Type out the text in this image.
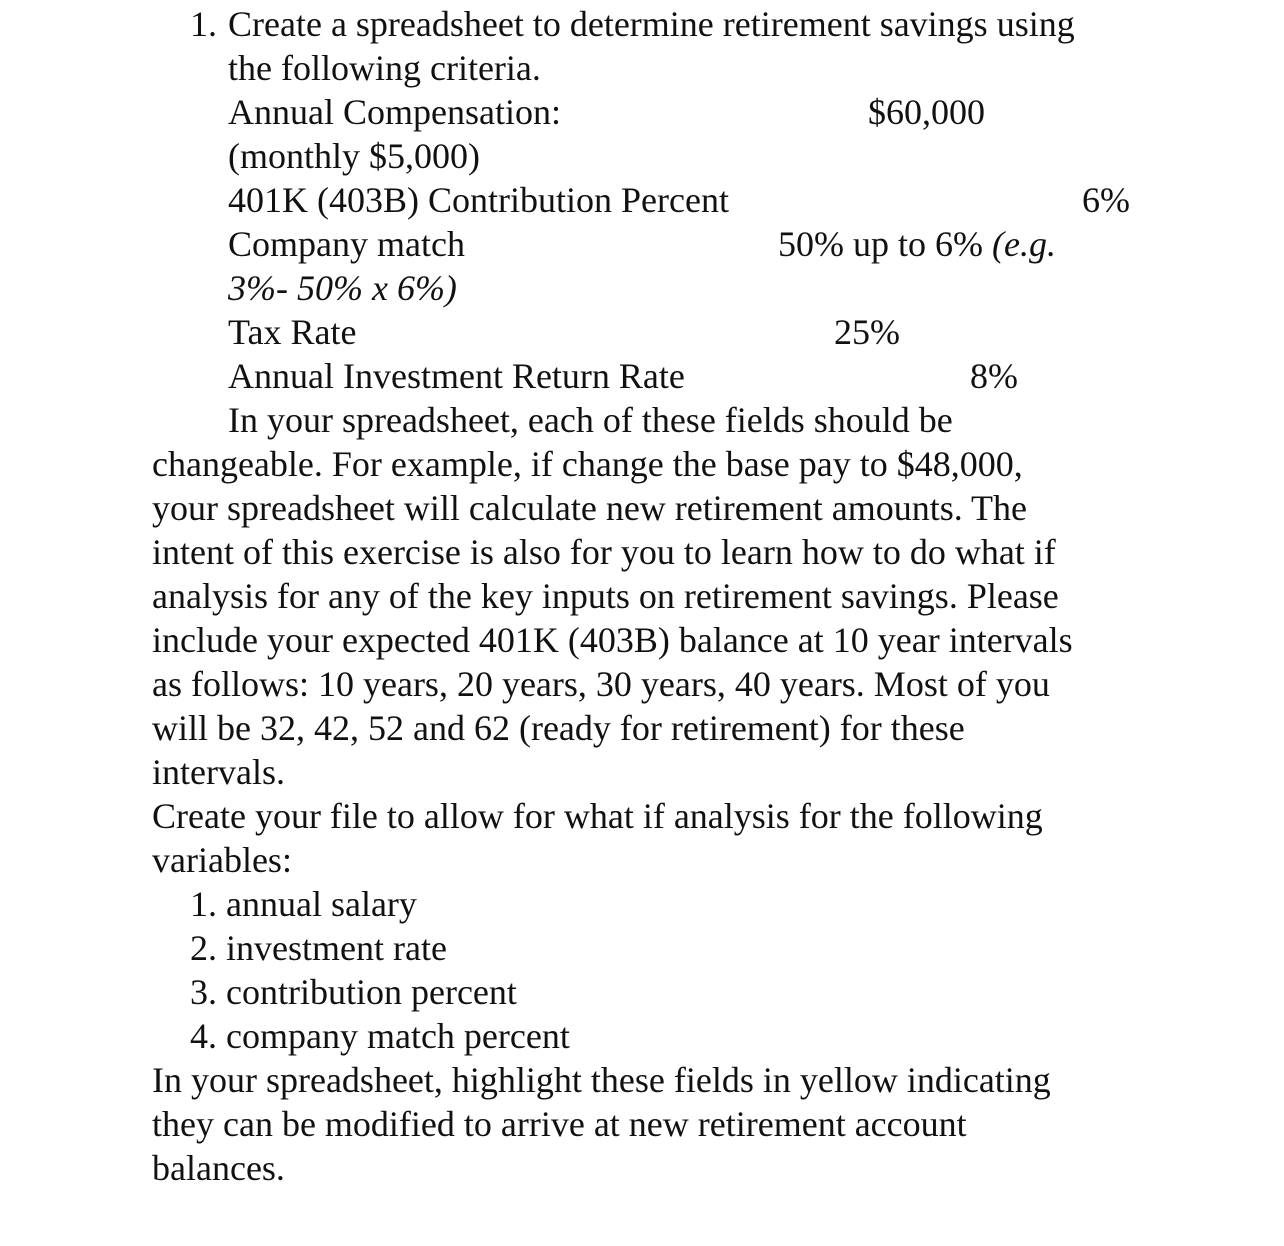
1. Create a spreadsheet to determine retirement savings using
the following criteria.
Annual Compensation:	$60,000
(monthly $5,000)
401K (403B) Contribution Percent	6%
Company match	50% up to 6% (e.g.
3%- 50% x 6%)
Tax Rate	25%
Annual Investment Return Rate	8%
In your spreadsheet, each of these fields should be
changeable. For example, if change the base pay to $48,000,
your spreadsheet will calculate new retirement amounts. The
intent of this exercise is also for you to learn how to do what if
analysis for any of the key inputs on retirement savings. Please
include your expected 401K (403B) balance at 10 year intervals
as follows: 10 years, 20 years, 30 years, 40 years. Most of you
will be 32, 42, 52 and 62 (ready for retirement) for these
intervals.
Create your file to allow for what if analysis for the following
variables:
1. annual salary
2. investment rate
3. contribution percent
4. company match percent
In your spreadsheet, highlight these fields in yellow indicating
they can be modified to arrive at new retirement account
balances.
